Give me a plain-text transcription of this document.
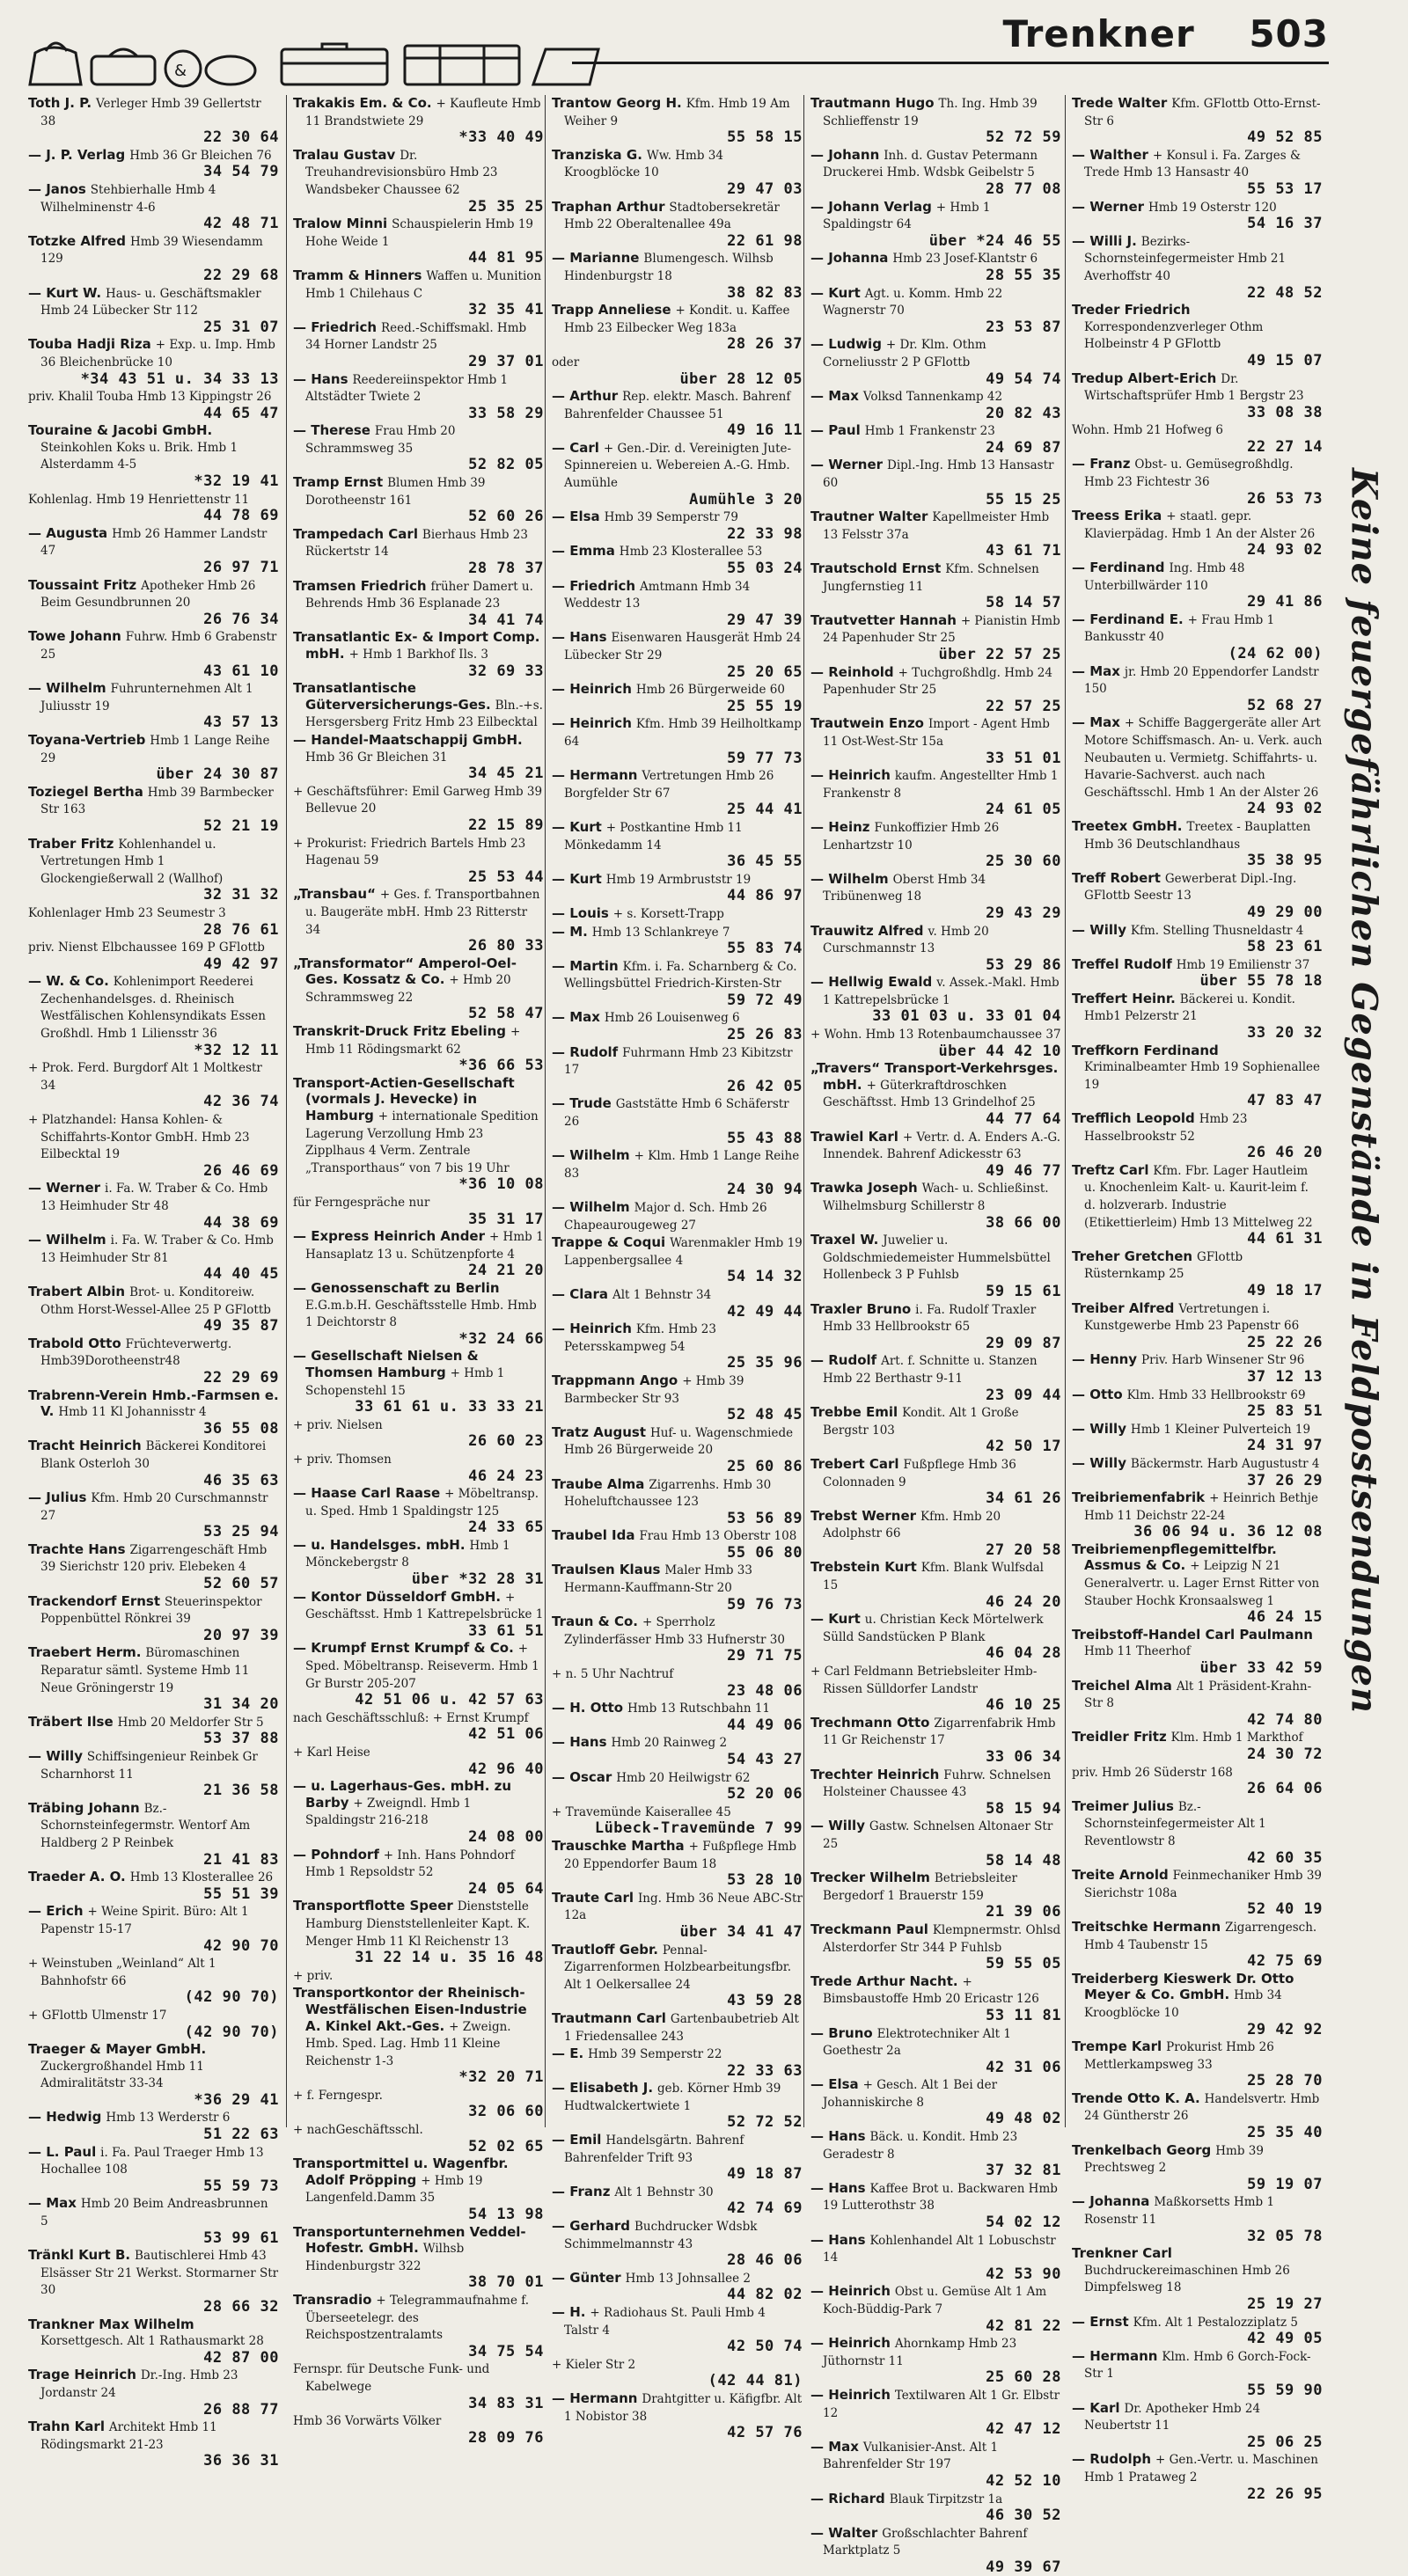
&
Trenkner 503
Toth J. P. Verleger Hmb 39 Gellertstr 38
22 30 64
— J. P. Verlag Hmb 36 Gr Bleichen 76
34 54 79
— Janos Stehbierhalle Hmb 4 Wilhelminenstr 4-6
42 48 71
Totzke Alfred Hmb 39 Wiesendamm 129
22 29 68
— Kurt W. Haus- u. Geschäftsmakler Hmb 24 Lübecker Str 112
25 31 07
Touba Hadji Riza + Exp. u. Imp. Hmb 36 Bleichenbrücke 10
*34 43 51 u. 34 33 13
priv. Khalil Touba Hmb 13 Kippingstr 26
44 65 47
Touraine & Jacobi GmbH. Steinkohlen Koks u. Brik. Hmb 1 Alsterdamm 4-5
*32 19 41
Kohlenlag. Hmb 19 Henriettenstr 11
44 78 69
— Augusta Hmb 26 Hammer Landstr 47
26 97 71
Toussaint Fritz Apotheker Hmb 26 Beim Gesundbrunnen 20
26 76 34
Towe Johann Fuhrw. Hmb 6 Grabenstr 25
43 61 10
— Wilhelm Fuhrunternehmen Alt 1 Juliusstr 19
43 57 13
Toyana-Vertrieb Hmb 1 Lange Reihe 29
über 24 30 87
Toziegel Bertha Hmb 39 Barmbecker Str 163
52 21 19
Traber Fritz Kohlenhandel u. Vertretungen Hmb 1 Glockengießerwall 2 (Wallhof)
32 31 32
Kohlenlager Hmb 23 Seumestr 3
28 76 61
priv. Nienst Elbchaussee 169 P GFlottb
49 42 97
— W. & Co. Kohlenimport Reederei Zechenhandelsges. d. Rheinisch Westfälischen Kohlensyndikats Essen Großhdl. Hmb 1 Liliensstr 36
*32 12 11
+ Prok. Ferd. Burgdorf Alt 1 Moltkestr 34
42 36 74
+ Platzhandel: Hansa Kohlen- & Schiffahrts-Kontor GmbH. Hmb 23 Eilbecktal 19
26 46 69
— Werner i. Fa. W. Traber & Co. Hmb 13 Heimhuder Str 48
44 38 69
— Wilhelm i. Fa. W. Traber & Co. Hmb 13 Heimhuder Str 81
44 40 45
Trabert Albin Brot- u. Konditoreiw. Othm Horst-Wessel-Allee 25 P GFlottb
49 35 87
Trabold Otto Früchteverwertg. Hmb39Dorotheenstr48
22 29 69
Trabrenn-Verein Hmb.-Farmsen e. V. Hmb 11 Kl Johannisstr 4
36 55 08
Tracht Heinrich Bäckerei Konditorei Blank Osterloh 30
46 35 63
— Julius Kfm. Hmb 20 Curschmannstr 27
53 25 94
Trachte Hans Zigarrengeschäft Hmb 39 Sierichstr 120 priv. Elebeken 4
52 60 57
Trackendorf Ernst Steuerinspektor Poppenbüttel Rönkrei 39
20 97 39
Traebert Herm. Büromaschinen Reparatur sämtl. Systeme Hmb 11 Neue Gröningerstr 19
31 34 20
Träbert Ilse Hmb 20 Meldorfer Str 5
53 37 88
— Willy Schiffsingenieur Reinbek Gr Scharnhorst 11
21 36 58
Träbing Johann Bz.-Schornsteinfegermstr. Wentorf Am Haldberg 2 P Reinbek
21 41 83
Traeder A. O. Hmb 13 Klosterallee 26
55 51 39
— Erich + Weine Spirit. Büro: Alt 1 Papenstr 15-17
42 90 70
+ Weinstuben „Weinland“ Alt 1 Bahnhofstr 66
(42 90 70)
+ GFlottb Ulmenstr 17
(42 90 70)
Traeger & Mayer GmbH. Zuckergroßhandel Hmb 11 Admiralitätstr 33-34
*36 29 41
— Hedwig Hmb 13 Werderstr 6
51 22 63
— L. Paul i. Fa. Paul Traeger Hmb 13 Hochallee 108
55 59 73
— Max Hmb 20 Beim Andreasbrunnen 5
53 99 61
Tränkl Kurt B. Bautischlerei Hmb 43 Elsässer Str 21 Werkst. Stormarner Str 30
28 66 32
Trankner Max Wilhelm Korsettgesch. Alt 1 Rathausmarkt 28
42 87 00
Trage Heinrich Dr.-Ing. Hmb 23 Jordanstr 24
26 88 77
Trahn Karl Architekt Hmb 11 Rödingsmarkt 21-23
36 36 31
Trakakis Em. & Co. + Kaufleute Hmb 11 Brandstwiete 29
*33 40 49
Tralau Gustav Dr. Treuhandrevisionsbüro Hmb 23 Wandsbeker Chaussee 62
25 35 25
Tralow Minni Schauspielerin Hmb 19 Hohe Weide 1
44 81 95
Tramm & Hinners Waffen u. Munition Hmb 1 Chilehaus C
32 35 41
— Friedrich Reed.-Schiffsmakl. Hmb 34 Horner Landstr 25
29 37 01
— Hans Reedereiinspektor Hmb 1 Altstädter Twiete 2
33 58 29
— Therese Frau Hmb 20 Schrammsweg 35
52 82 05
Tramp Ernst Blumen Hmb 39 Dorotheenstr 161
52 60 26
Trampedach Carl Bierhaus Hmb 23 Rückertstr 14
28 78 37
Tramsen Friedrich früher Damert u. Behrends Hmb 36 Esplanade 23
34 41 74
Transatlantic Ex- & Import Comp. mbH. + Hmb 1 Barkhof Ils. 3
32 69 33
Transatlantische Güterversicherungs-Ges. Bln.-+s. Hersgersberg Fritz Hmb 23 Eilbecktal
— Handel-Maatschappij GmbH. Hmb 36 Gr Bleichen 31
34 45 21
+ Geschäftsführer: Emil Garweg Hmb 39 Bellevue 20
22 15 89
+ Prokurist: Friedrich Bartels Hmb 23 Hagenau 59
25 53 44
„Transbau“ + Ges. f. Transportbahnen u. Baugeräte mbH. Hmb 23 Ritterstr 34
26 80 33
„Transformator“ Amperol-Oel-Ges. Kossatz & Co. + Hmb 20 Schrammsweg 22
52 58 47
Transkrit-Druck Fritz Ebeling + Hmb 11 Rödingsmarkt 62
*36 66 53
Transport-Actien-Gesellschaft (vormals J. Hevecke) in Hamburg + internationale Spedition Lagerung Verzollung Hmb 23 Zipplhaus 4 Verm. Zentrale „Transporthaus“ von 7 bis 19 Uhr
*36 10 08
für Ferngespräche nur
35 31 17
— Express Heinrich Ander + Hmb 1 Hansaplatz 13 u. Schützenpforte 4
24 21 20
— Genossenschaft zu Berlin E.G.m.b.H. Geschäftsstelle Hmb. Hmb 1 Deichtorstr 8
*32 24 66
— Gesellschaft Nielsen & Thomsen Hamburg + Hmb 1 Schopenstehl 15
33 61 61 u. 33 33 21
+ priv. Nielsen
26 60 23
+ priv. Thomsen
46 24 23
— Haase Carl Raase + Möbeltransp. u. Sped. Hmb 1 Spaldingstr 125
24 33 65
— u. Handelsges. mbH. Hmb 1 Mönckebergstr 8
über *32 28 31
— Kontor Düsseldorf GmbH. + Geschäftsst. Hmb 1 Kattrepelsbrücke 1
33 61 51
— Krumpf Ernst Krumpf & Co. + Sped. Möbeltransp. Reiseverm. Hmb 1 Gr Burstr 205-207
42 51 06 u. 42 57 63
nach Geschäftsschluß: + Ernst Krumpf
42 51 06
+ Karl Heise
42 96 40
— u. Lagerhaus-Ges. mbH. zu Barby + Zweigndl. Hmb 1 Spaldingstr 216-218
24 08 00
— Pohndorf + Inh. Hans Pohndorf Hmb 1 Repsoldstr 52
24 05 64
Transportflotte Speer Dienststelle Hamburg Dienststellenleiter Kapt. K. Menger Hmb 11 Kl Reichenstr 13
31 22 14 u. 35 16 48
+ priv.
Transportkontor der Rheinisch-Westfälischen Eisen-Industrie A. Kinkel Akt.-Ges. + Zweign. Hmb. Sped. Lag. Hmb 11 Kleine Reichenstr 1-3
*32 20 71
+ f. Ferngespr.
32 06 60
+ nachGeschäftsschl.
52 02 65
Transportmittel u. Wagenfbr. Adolf Pröpping + Hmb 19 Langenfeld.Damm 35
54 13 98
Transportunternehmen Veddel-Hofestr. GmbH. Wilhsb Hindenburgstr 322
38 70 01
Transradio + Telegrammaufnahme f. Überseetelegr. des Reichspostzentralamts
34 75 54
Fernspr. für Deutsche Funk- und Kabelwege
34 83 31
Hmb 36 Vorwärts Völker
28 09 76
Trantow Georg H. Kfm. Hmb 19 Am Weiher 9
55 58 15
Tranziska G. Ww. Hmb 34 Kroogblöcke 10
29 47 03
Traphan Arthur Stadtobersekretär Hmb 22 Oberaltenallee 49a
22 61 98
— Marianne Blumengesch. Wilhsb Hindenburgstr 18
38 82 83
Trapp Anneliese + Kondit. u. Kaffee Hmb 23 Eilbecker Weg 183a
28 26 37
oder
über 28 12 05
— Arthur Rep. elektr. Masch. Bahrenf Bahrenfelder Chaussee 51
49 16 11
— Carl + Gen.-Dir. d. Vereinigten Jute-Spinnereien u. Webereien A.-G. Hmb. Aumühle
Aumühle 3 20
— Elsa Hmb 39 Semperstr 79
22 33 98
— Emma Hmb 23 Klosterallee 53
55 03 24
— Friedrich Amtmann Hmb 34 Weddestr 13
29 47 39
— Hans Eisenwaren Hausgerät Hmb 24 Lübecker Str 29
25 20 65
— Heinrich Hmb 26 Bürgerweide 60
25 55 19
— Heinrich Kfm. Hmb 39 Heilholtkamp 64
59 77 73
— Hermann Vertretungen Hmb 26 Borgfelder Str 67
25 44 41
— Kurt + Postkantine Hmb 11 Mönkedamm 14
36 45 55
— Kurt Hmb 19 Armbruststr 19
44 86 97
— Louis + s. Korsett-Trapp
— M. Hmb 13 Schlankreye 7
55 83 74
— Martin Kfm. i. Fa. Scharnberg & Co. Wellingsbüttel Friedrich-Kirsten-Str
59 72 49
— Max Hmb 26 Louisenweg 6
25 26 83
— Rudolf Fuhrmann Hmb 23 Kibitzstr 17
26 42 05
— Trude Gaststätte Hmb 6 Schäferstr 26
55 43 88
— Wilhelm + Klm. Hmb 1 Lange Reihe 83
24 30 94
— Wilhelm Major d. Sch. Hmb 26 Chapeaurougeweg 27
Trappe & Coqui Warenmakler Hmb 19 Lappenbergsallee 4
54 14 32
— Clara Alt 1 Behnstr 34
42 49 44
— Heinrich Kfm. Hmb 23 Petersskampweg 54
25 35 96
Trappmann Ango + Hmb 39 Barmbecker Str 93
52 48 45
Tratz August Huf- u. Wagenschmiede Hmb 26 Bürgerweide 20
25 60 86
Traube Alma Zigarrenhs. Hmb 30 Hoheluftchaussee 123
53 56 89
Traubel Ida Frau Hmb 13 Oberstr 108
55 06 80
Traulsen Klaus Maler Hmb 33 Hermann-Kauffmann-Str 20
59 76 73
Traun & Co. + Sperrholz Zylinderfässer Hmb 33 Hufnerstr 30
29 71 75
+ n. 5 Uhr Nachtruf
23 48 06
— H. Otto Hmb 13 Rutschbahn 11
44 49 06
— Hans Hmb 20 Rainweg 2
54 43 27
— Oscar Hmb 20 Heilwigstr 62
52 20 06
+ Travemünde Kaiserallee 45
Lübeck-Travemünde 7 99
Trauschke Martha + Fußpflege Hmb 20 Eppendorfer Baum 18
53 28 10
Traute Carl Ing. Hmb 36 Neue ABC-Str 12a
über 34 41 47
Trautloff Gebr. Pennal-Zigarrenformen Holzbearbeitungsfbr. Alt 1 Oelkersallee 24
43 59 28
Trautmann Carl Gartenbaubetrieb Alt 1 Friedensallee 243
— E. Hmb 39 Semperstr 22
22 33 63
— Elisabeth J. geb. Körner Hmb 39 Hudtwalckertwiete 1
52 72 52
— Emil Handelsgärtn. Bahrenf Bahrenfelder Trift 93
49 18 87
— Franz Alt 1 Behnstr 30
42 74 69
— Gerhard Buchdrucker Wdsbk Schimmelmannstr 43
28 46 06
— Günter Hmb 13 Johnsallee 2
44 82 02
— H. + Radiohaus St. Pauli Hmb 4 Talstr 4
42 50 74
+ Kieler Str 2
(42 44 81)
— Hermann Drahtgitter u. Käfigfbr. Alt 1 Nobistor 38
42 57 76
Trautmann Hugo Th. Ing. Hmb 39 Schlieffenstr 19
52 72 59
— Johann Inh. d. Gustav Petermann Druckerei Hmb. Wdsbk Geibelstr 5
28 77 08
— Johann Verlag + Hmb 1 Spaldingstr 64
über *24 46 55
— Johanna Hmb 23 Josef-Klantstr 6
28 55 35
— Kurt Agt. u. Komm. Hmb 22 Wagnerstr 70
23 53 87
— Ludwig + Dr. Klm. Othm Corneliusstr 2 P GFlottb
49 54 74
— Max Volksd Tannenkamp 42
20 82 43
— Paul Hmb 1 Frankenstr 23
24 69 87
— Werner Dipl.-Ing. Hmb 13 Hansastr 60
55 15 25
Trautner Walter Kapellmeister Hmb 13 Felsstr 37a
43 61 71
Trautschold Ernst Kfm. Schnelsen Jungfernstieg 11
58 14 57
Trautvetter Hannah + Pianistin Hmb 24 Papenhuder Str 25
über 22 57 25
— Reinhold + Tuchgroßhdlg. Hmb 24 Papenhuder Str 25
22 57 25
Trautwein Enzo Import - Agent Hmb 11 Ost-West-Str 15a
33 51 01
— Heinrich kaufm. Angestellter Hmb 1 Frankenstr 8
24 61 05
— Heinz Funkoffizier Hmb 26 Lenhartzstr 10
25 30 60
— Wilhelm Oberst Hmb 34 Tribünenweg 18
29 43 29
Trauwitz Alfred v. Hmb 20 Curschmannstr 13
53 29 86
— Hellwig Ewald v. Assek.-Makl. Hmb 1 Kattrepelsbrücke 1
33 01 03 u. 33 01 04
+ Wohn. Hmb 13 Rotenbaumchaussee 37
über 44 42 10
„Travers“ Transport-Verkehrsges. mbH. + Güterkraftdroschken Geschäftsst. Hmb 13 Grindelhof 25
44 77 64
Trawiel Karl + Vertr. d. A. Enders A.-G. Innendek. Bahrenf Adickesstr 63
49 46 77
Trawka Joseph Wach- u. Schließinst. Wilhelmsburg Schillerstr 8
38 66 00
Traxel W. Juwelier u. Goldschmiedemeister Hummelsbüttel Hollenbeck 3 P Fuhlsb
59 15 61
Traxler Bruno i. Fa. Rudolf Traxler Hmb 33 Hellbrookstr 65
29 09 87
— Rudolf Art. f. Schnitte u. Stanzen Hmb 22 Berthastr 9-11
23 09 44
Trebbe Emil Kondit. Alt 1 Große Bergstr 103
42 50 17
Trebert Carl Fußpflege Hmb 36 Colonnaden 9
34 61 26
Trebst Werner Kfm. Hmb 20 Adolphstr 66
27 20 58
Trebstein Kurt Kfm. Blank Wulfsdal 15
46 24 20
— Kurt u. Christian Keck Mörtelwerk Sülld Sandstücken P Blank
46 04 28
+ Carl Feldmann Betriebsleiter Hmb-Rissen Sülldorfer Landstr
46 10 25
Trechmann Otto Zigarrenfabrik Hmb 11 Gr Reichenstr 17
33 06 34
Trechter Heinrich Fuhrw. Schnelsen Holsteiner Chaussee 43
58 15 94
— Willy Gastw. Schnelsen Altonaer Str 25
58 14 48
Trecker Wilhelm Betriebsleiter Bergedorf 1 Brauerstr 159
21 39 06
Treckmann Paul Klempnermstr. Ohlsd Alsterdorfer Str 344 P Fuhlsb
59 55 05
Trede Arthur Nacht. + Bimsbaustoffe Hmb 20 Ericastr 126
53 11 81
— Bruno Elektrotechniker Alt 1 Goethestr 2a
42 31 06
— Elsa + Gesch. Alt 1 Bei der Johanniskirche 8
49 48 02
— Hans Bäck. u. Kondit. Hmb 23 Geradestr 8
37 32 81
— Hans Kaffee Brot u. Backwaren Hmb 19 Lutterothstr 38
54 02 12
— Hans Kohlenhandel Alt 1 Lobuschstr 14
42 53 90
— Heinrich Obst u. Gemüse Alt 1 Am Koch-Büddig-Park 7
42 81 22
— Heinrich Ahornkamp Hmb 23 Jüthornstr 11
25 60 28
— Heinrich Textilwaren Alt 1 Gr. Elbstr 12
42 47 12
— Max Vulkanisier-Anst. Alt 1 Bahrenfelder Str 197
42 52 10
— Richard Blauk Tirpitzstr 1a
46 30 52
— Walter Großschlachter Bahrenf Marktplatz 5
49 39 67
Trede Walter Kfm. GFlottb Otto-Ernst-Str 6
49 52 85
— Walther + Konsul i. Fa. Zarges & Trede Hmb 13 Hansastr 40
55 53 17
— Werner Hmb 19 Osterstr 120
54 16 37
— Willi J. Bezirks-Schornsteinfegermeister Hmb 21 Averhoffstr 40
22 48 52
Treder Friedrich Korrespondenzverleger Othm Holbeinstr 4 P GFlottb
49 15 07
Tredup Albert-Erich Dr. Wirtschaftsprüfer Hmb 1 Bergstr 23
33 08 38
Wohn. Hmb 21 Hofweg 6
22 27 14
— Franz Obst- u. Gemüsegroßhdlg. Hmb 23 Fichtestr 36
26 53 73
Treess Erika + staatl. gepr. Klavierpädag. Hmb 1 An der Alster 26
24 93 02
— Ferdinand Ing. Hmb 48 Unterbillwärder 110
29 41 86
— Ferdinand E. + Frau Hmb 1 Bankusstr 40
(24 62 00)
— Max jr. Hmb 20 Eppendorfer Landstr 150
52 68 27
— Max + Schiffe Baggergeräte aller Art Motore Schiffsmasch. An- u. Verk. auch Neubauten u. Vermietg. Schiffahrts- u. Havarie-Sachverst. auch nach Geschäftsschl. Hmb 1 An der Alster 26
24 93 02
Treetex GmbH. Treetex - Bauplatten Hmb 36 Deutschlandhaus
35 38 95
Treff Robert Gewerberat Dipl.-Ing. GFlottb Seestr 13
49 29 00
— Willy Kfm. Stelling Thusneldastr 4
58 23 61
Treffel Rudolf Hmb 19 Emilienstr 37
über 55 78 18
Treffert Heinr. Bäckerei u. Kondit. Hmb1 Pelzerstr 21
33 20 32
Treffkorn Ferdinand Kriminalbeamter Hmb 19 Sophienallee 19
47 83 47
Trefflich Leopold Hmb 23 Hasselbrookstr 52
26 46 20
Treftz Carl Kfm. Fbr. Lager Hautleim u. Knochenleim Kalt- u. Kaurit-leim f. d. holzverarb. Industrie (Etikettierleim) Hmb 13 Mittelweg 22
44 61 31
Treher Gretchen GFlottb Rüsternkamp 25
49 18 17
Treiber Alfred Vertretungen i. Kunstgewerbe Hmb 23 Papenstr 66
25 22 26
— Henny Priv. Harb Winsener Str 96
37 12 13
— Otto Klm. Hmb 33 Hellbrookstr 69
25 83 51
— Willy Hmb 1 Kleiner Pulverteich 19
24 31 97
— Willy Bäckermstr. Harb Augustustr 4
37 26 29
Treibriemenfabrik + Heinrich Bethje Hmb 11 Deichstr 22-24
36 06 94 u. 36 12 08
Treibriemenpflegemittelfbr. Assmus & Co. + Leipzig N 21 Generalvertr. u. Lager Ernst Ritter von Stauber Hochk Kronsaalsweg 1
46 24 15
Treibstoff-Handel Carl Paulmann Hmb 11 Theerhof
über 33 42 59
Treichel Alma Alt 1 Präsident-Krahn-Str 8
42 74 80
Treidler Fritz Klm. Hmb 1 Markthof
24 30 72
priv. Hmb 26 Süderstr 168
26 64 06
Treimer Julius Bz.-Schornsteinfegermeister Alt 1 Reventlowstr 8
42 60 35
Treite Arnold Feinmechaniker Hmb 39 Sierichstr 108a
52 40 19
Treitschke Hermann Zigarrengesch. Hmb 4 Taubenstr 15
42 75 69
Treiderberg Kieswerk Dr. Otto Meyer & Co. GmbH. Hmb 34 Kroogblöcke 10
29 42 92
Trempe Karl Prokurist Hmb 26 Mettlerkampsweg 33
25 28 70
Trende Otto K. A. Handelsvertr. Hmb 24 Güntherstr 26
25 35 40
Trenkelbach Georg Hmb 39 Prechtsweg 2
59 19 07
— Johanna Maßkorsetts Hmb 1 Rosenstr 11
32 05 78
Trenkner Carl Buchdruckereimaschinen Hmb 26 Dimpfelsweg 18
25 19 27
— Ernst Kfm. Alt 1 Pestalozziplatz 5
42 49 05
— Hermann Klm. Hmb 6 Gorch-Fock-Str 1
55 59 90
— Karl Dr. Apotheker Hmb 24 Neubertstr 11
25 06 25
— Rudolph + Gen.-Vertr. u. Maschinen Hmb 1 Prataweg 2
22 26 95
Keine feuergefährlichen Gegenstände in Feldpostsendungen
